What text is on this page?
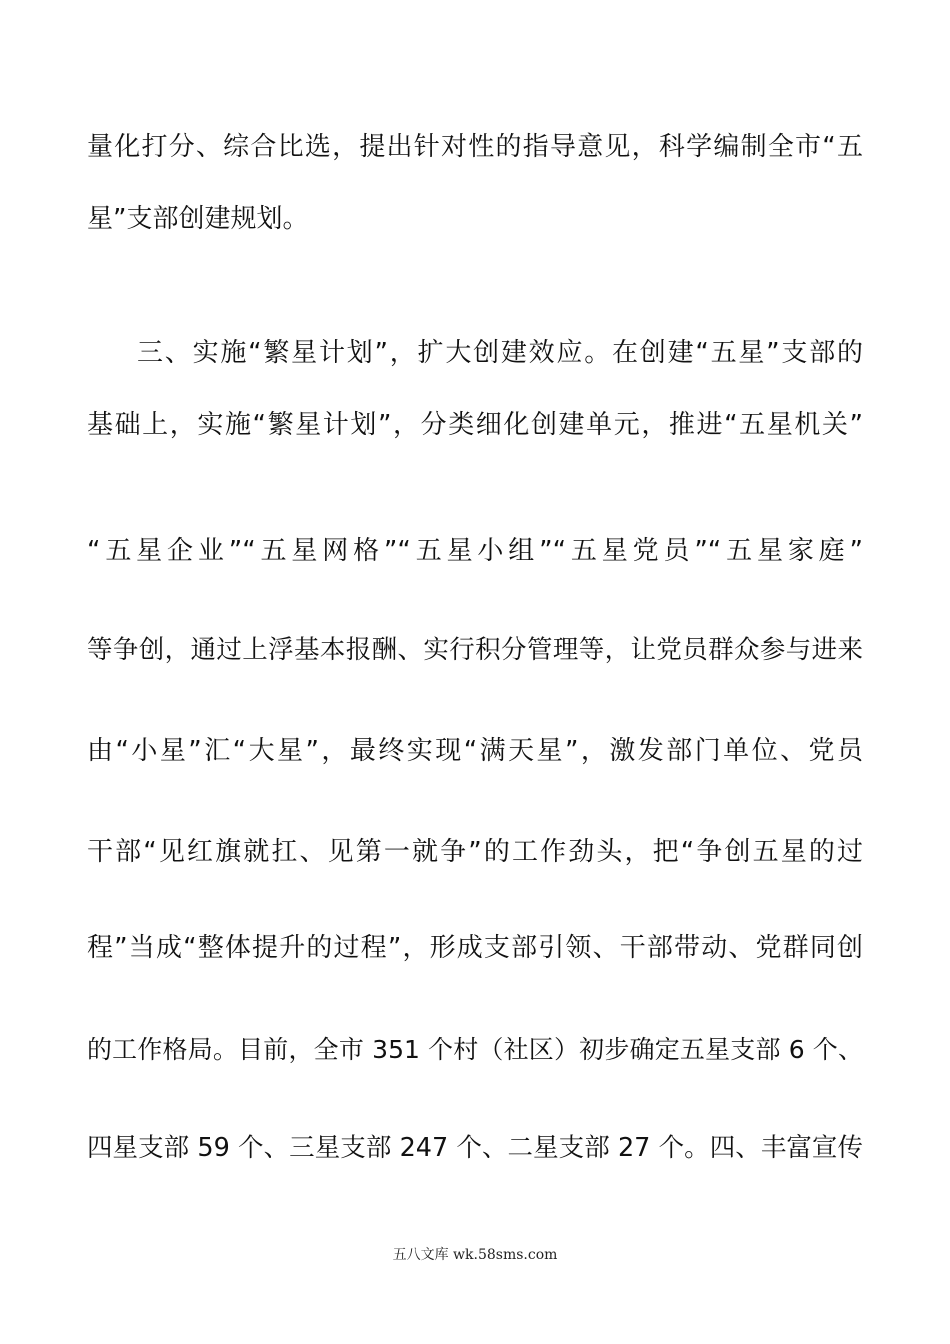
量化打分、综合比选，提出针对性的指导意见，科学编制全市“五
星”支部创建规划。
三、实施“繁星计划”，扩大创建效应。在创建“五星”支部的
基础上，实施“繁星计划”，分类细化创建单元，推进“五星机关”
“五星企业”“五星网格”“五星小组”“五星党员”“五星家庭”
等争创，通过上浮基本报酬、实行积分管理等，让党员群众参与进来
由“小星”汇“大星”，最终实现“满天星”，激发部门单位、党员
干部“见红旗就扛、见第一就争”的工作劲头，把“争创五星的过
程”当成“整体提升的过程”，形成支部引领、干部带动、党群同创
的工作格局。目前，全市 351 个村（社区）初步确定五星支部 6 个、
四星支部 59 个、三星支部 247 个、二星支部 27 个。四、丰富宣传
五八文库 wk.58sms.com
